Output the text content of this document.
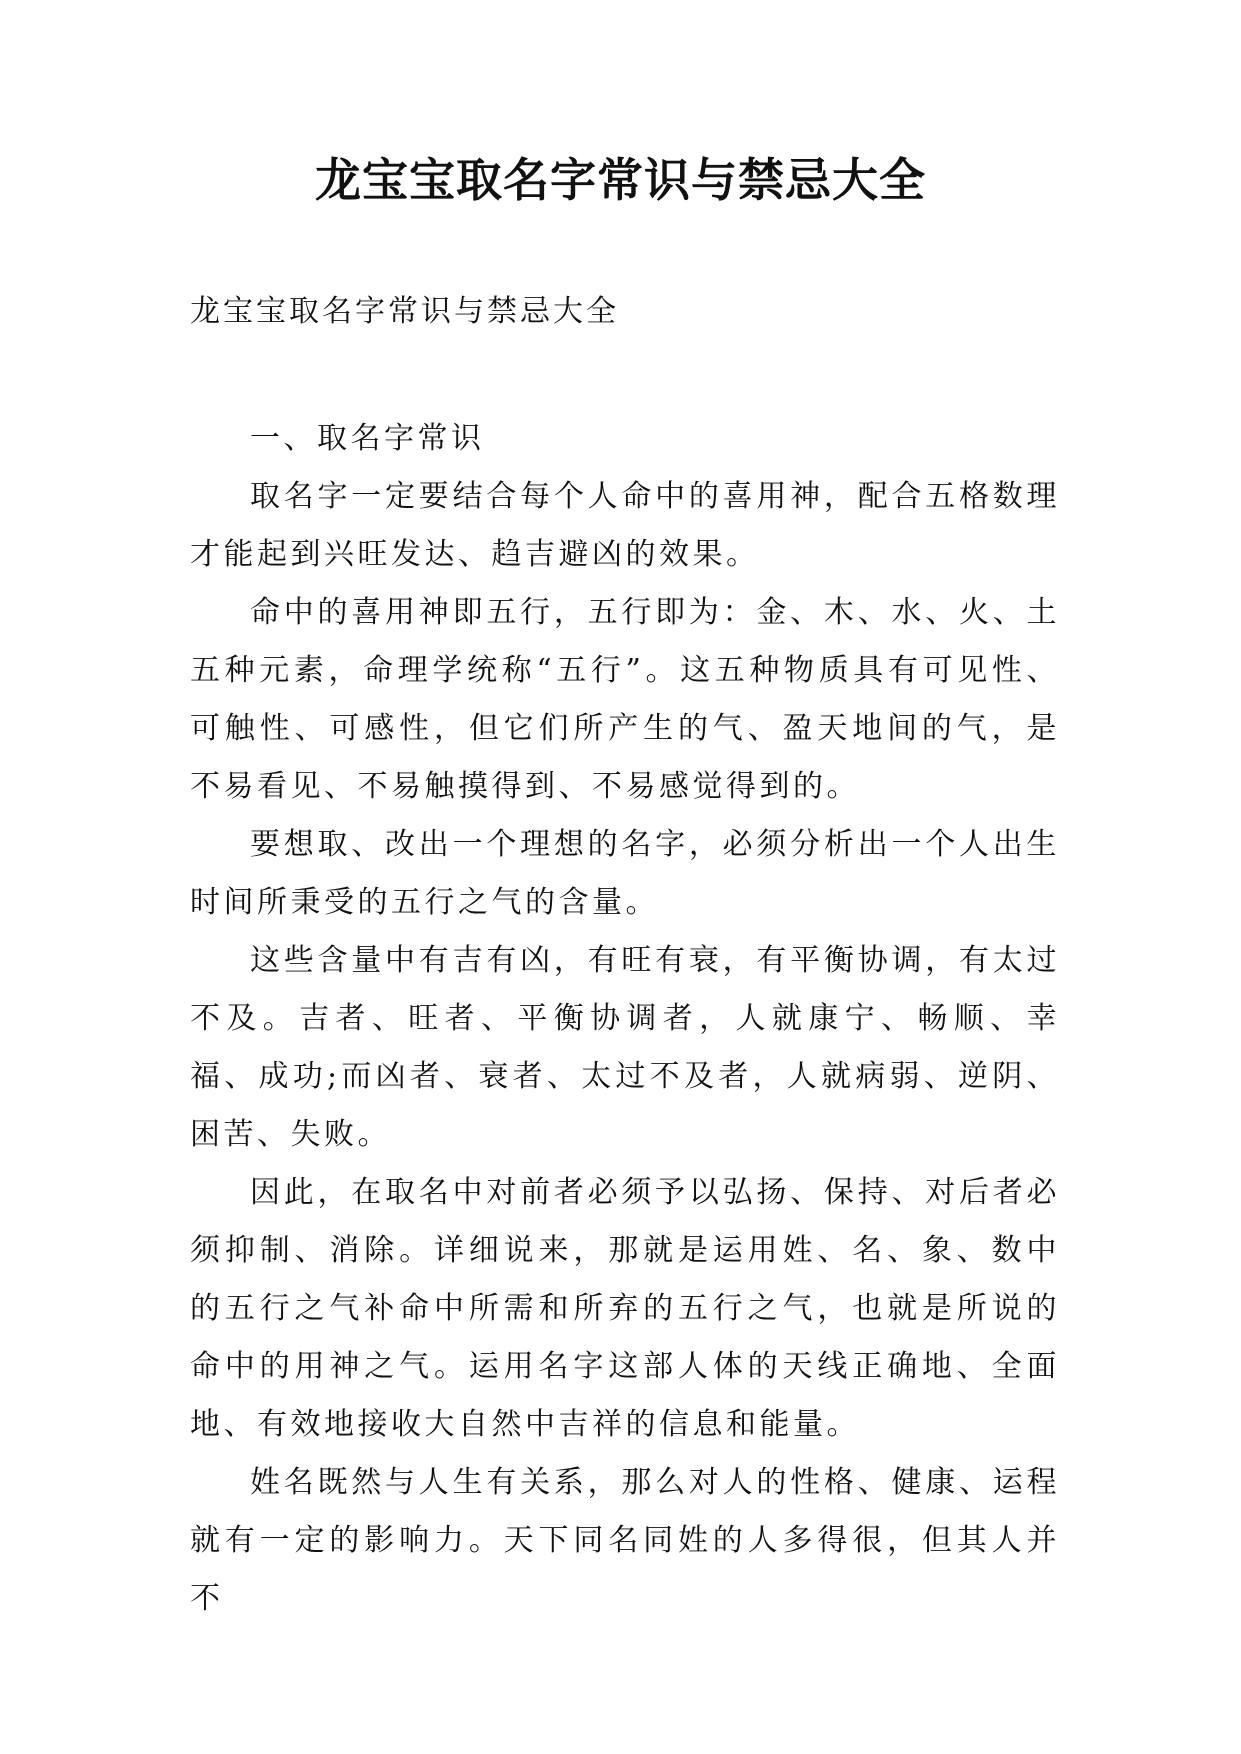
龙宝宝取名字常识与禁忌大全

龙宝宝取名字常识与禁忌大全

一、取名字常识

取名字一定要结合每个人命中的喜用神，配合五格数理才能起到兴旺发达、趋吉避凶的效果。

命中的喜用神即五行，五行即为：金、木、水、火、土五种元素，命理学统称“五行”。这五种物质具有可见性、可触性、可感性，但它们所产生的气、盈天地间的气，是不易看见、不易触摸得到、不易感觉得到的。

要想取、改出一个理想的名字，必须分析出一个人出生时间所秉受的五行之气的含量。

这些含量中有吉有凶，有旺有衰，有平衡协调，有太过不及。吉者、旺者、平衡协调者，人就康宁、畅顺、幸福、成功;而凶者、衰者、太过不及者，人就病弱、逆阴、困苦、失败。

因此，在取名中对前者必须予以弘扬、保持、对后者必须抑制、消除。详细说来，那就是运用姓、名、象、数中的五行之气补命中所需和所弃的五行之气，也就是所说的命中的用神之气。运用名字这部人体的天线正确地、全面地、有效地接收大自然中吉祥的信息和能量。

姓名既然与人生有关系，那么对人的性格、健康、运程就有一定的影响力。天下同名同姓的人多得很，但其人并不
